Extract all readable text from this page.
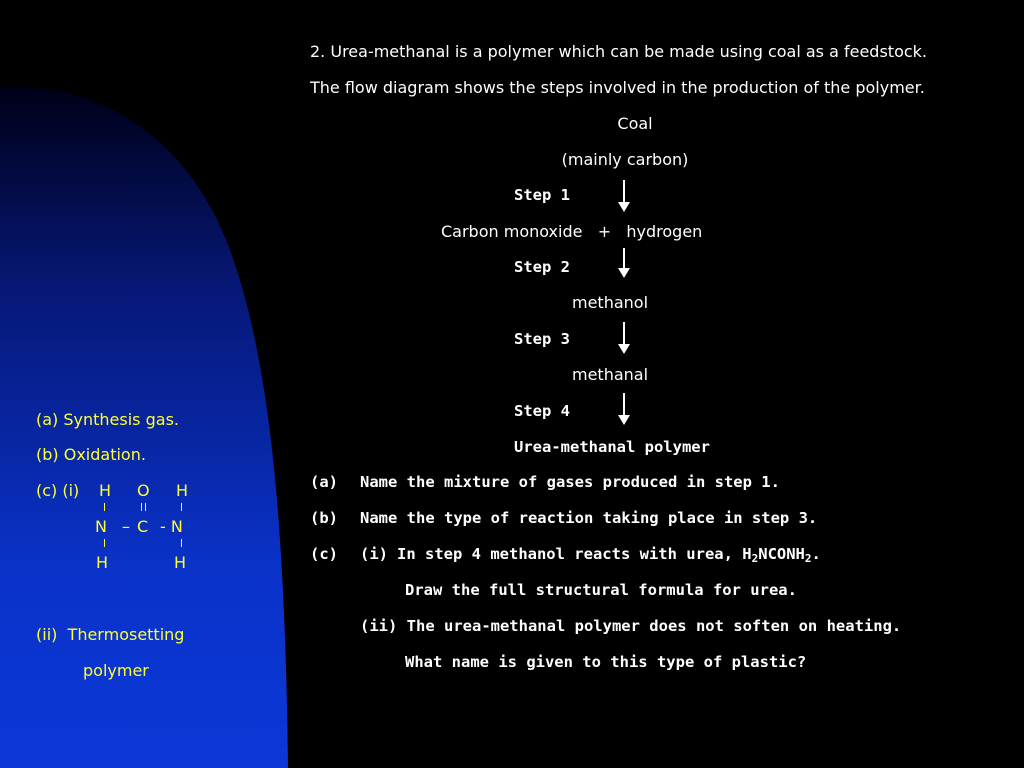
2. Urea-methanal is a polymer which can be made using coal as a feedstock.
The flow diagram shows the steps involved in the production of the polymer.
Coal
(mainly carbon)
Step 1
Carbon monoxide   +   hydrogen
Step 2
methanol
Step 3
methanal
Step 4
Urea-methanal polymer
(a) Name the mixture of gases produced in step 1.
(b) Name the type of reaction taking place in step 3.
(c) (i) In step 4 methanol reacts with urea, $H_2NCONH_2$.
Draw the full structural formula for urea.
(ii) The urea-methanal polymer does not soften on heating.
What name is given to this type of plastic?
(a) Synthesis gas.
(b) Oxidation.
(c) (i) H O H
N – C - N
H	H
(ii)  Thermosetting
polymer
